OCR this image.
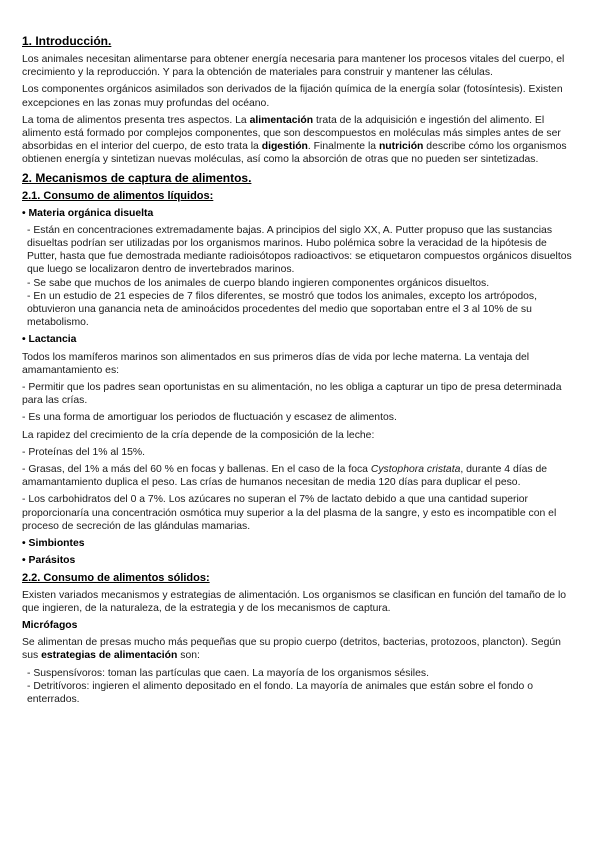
1. Introducción.

Los animales necesitan alimentarse para obtener energía necesaria para mantener los procesos vitales del cuerpo, el crecimiento y la reproducción. Y para la obtención de materiales para construir y mantener las células.

Los componentes orgánicos asimilados son derivados de la fijación química de la energía solar (fotosíntesis). Existen excepciones en las zonas muy profundas del océano.

La toma de alimentos presenta tres aspectos. La alimentación trata de la adquisición e ingestión del alimento. El alimento está formado por complejos componentes, que son descompuestos en moléculas más simples antes de ser absorbidas en el interior del cuerpo, de esto trata la digestión. Finalmente la nutrición describe cómo los organismos obtienen energía y sintetizan nuevas moléculas, así como la absorción de otras que no pueden ser sintetizadas.

2. Mecanismos de captura de alimentos.
2.1. Consumo de alimentos líquidos:
• Materia orgánica disuelta

- Están en concentraciones extremadamente bajas. A principios del siglo XX, A. Putter propuso que las sustancias disueltas podrían ser utilizadas por los organismos marinos. Hubo polémica sobre la veracidad de la hipótesis de Putter, hasta que fue demostrada mediante radioisótopos radioactivos: se etiquetaron compuestos orgánicos disueltos que luego se localizaron dentro de invertebrados marinos.

- Se sabe que muchos de los animales de cuerpo blando ingieren componentes orgánicos disueltos.

- En un estudio de 21 especies de 7 filos diferentes, se mostró que todos los animales, excepto los artrópodos, obtuvieron una ganancia neta de aminoácidos procedentes del medio que soportaban entre el 3 al 10% de su metabolismo.

• Lactancia

Todos los mamíferos marinos son alimentados en sus primeros días de vida por leche materna. La ventaja del amamantamiento es:

- Permitir que los padres sean oportunistas en su alimentación, no les obliga a capturar un tipo de presa determinada para las crías.

- Es una forma de amortiguar los periodos de fluctuación y escasez de alimentos.

La rapidez del crecimiento de la cría depende de la composición de la leche:

- Proteínas del 1% al 15%.

- Grasas, del 1% a más del 60 % en focas y ballenas. En el caso de la foca Cystophora cristata, durante 4 días de amamantamiento duplica el peso. Las crías de humanos necesitan de media 120 días para duplicar el peso.

- Los carbohidratos del 0 a 7%. Los azúcares no superan el 7% de lactato debido a que una cantidad superior proporcionaría una concentración osmótica muy superior a la del plasma de la sangre, y esto es incompatible con el proceso de secreción de las glándulas mamarias.

• Simbiontes
• Parásitos
2.2. Consumo de alimentos sólidos:

Existen variados mecanismos y estrategias de alimentación. Los organismos se clasifican en función del tamaño de lo que ingieren, de la naturaleza, de la estrategia y de los mecanismos de captura.

Micrófagos

Se alimentan de presas mucho más pequeñas que su propio cuerpo (detritos, bacterias, protozoos, plancton). Según sus estrategias de alimentación son:

- Suspensívoros: toman las partículas que caen. La mayoría de los organismos sésiles.

- Detritívoros: ingieren el alimento depositado en el fondo. La mayoría de animales que están sobre el fondo o enterrados.
